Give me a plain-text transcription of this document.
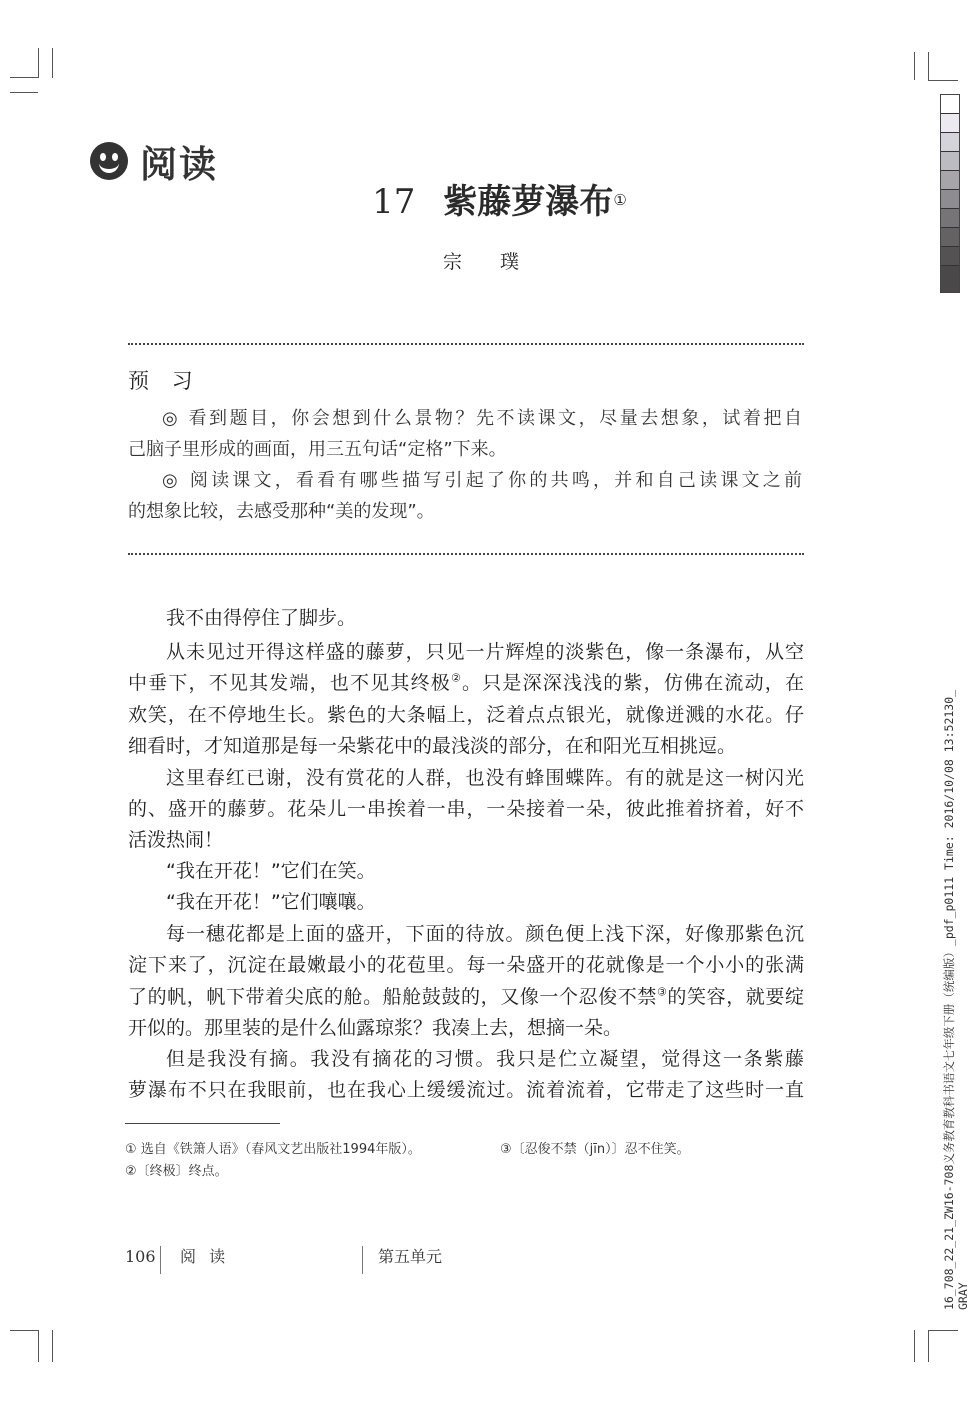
阅读
17 紫藤萝瀑布①
宗 璞
预 习
◎ 看到题目，你会想到什么景物？先不读课文，尽量去想象，试着把自
己脑子里形成的画面，用三五句话“定格”下来。
◎ 阅读课文，看看有哪些描写引起了你的共鸣，并和自己读课文之前
的想象比较，去感受那种“美的发现”。
我不由得停住了脚步。
从未见过开得这样盛的藤萝，只见一片辉煌的淡紫色，像一条瀑布，从空
中垂下，不见其发端，也不见其终极②。只是深深浅浅的紫，仿佛在流动，在
欢笑，在不停地生长。紫色的大条幅上，泛着点点银光，就像迸溅的水花。仔
细看时，才知道那是每一朵紫花中的最浅淡的部分，在和阳光互相挑逗。
这里春红已谢，没有赏花的人群，也没有蜂围蝶阵。有的就是这一树闪光
的、盛开的藤萝。花朵儿一串挨着一串，一朵接着一朵，彼此推着挤着，好不
活泼热闹！
“我在开花！”它们在笑。
“我在开花！”它们嚷嚷。
每一穗花都是上面的盛开，下面的待放。颜色便上浅下深，好像那紫色沉
淀下来了，沉淀在最嫩最小的花苞里。每一朵盛开的花就像是一个小小的张满
了的帆，帆下带着尖底的舱。船舱鼓鼓的，又像一个忍俊不禁③的笑容，就要绽
开似的。那里装的是什么仙露琼浆？我凑上去，想摘一朵。
但是我没有摘。我没有摘花的习惯。我只是伫立凝望，觉得这一条紫藤
萝瀑布不只在我眼前，也在我心上缓缓流过。流着流着，它带走了这些时一直
① 选自《铁箫人语》（春风文艺出版社1994年版）。
②〔终极〕终点。
③〔忍俊不禁（jīn）〕忍不住笑。
106 阅 读	第五单元	16_708_22_21_ZW16-708义务教育教科书语文七年级下册（统编版）_pdf_p0111 Time: 2016/10/08 13:52130_ GRAY
